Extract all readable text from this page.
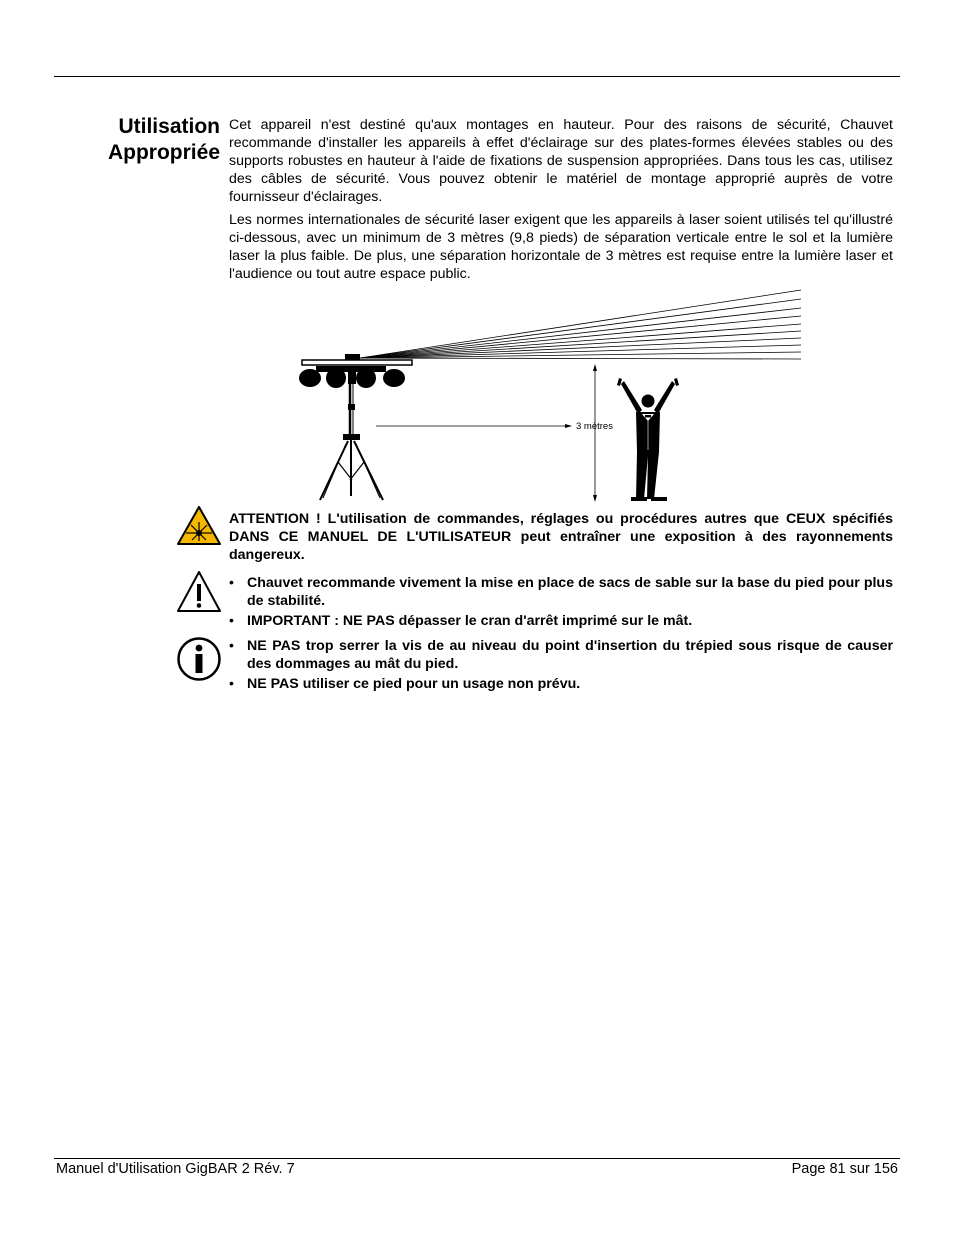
Utilisation
Appropriée

Cet appareil n'est destiné qu'aux montages en hauteur. Pour des raisons de sécurité, Chauvet recommande d'installer les appareils à effet d'éclairage sur des plates-formes élevées stables ou des supports robustes en hauteur à l'aide de fixations de suspension appropriées. Dans tous les cas, utilisez des câbles de sécurité. Vous pouvez obtenir le matériel de montage approprié auprès de votre fournisseur d'éclairages.

Les normes internationales de sécurité laser exigent que les appareils à laser soient utilisés tel qu'illustré ci-dessous, avec un minimum de 3 mètres (9,8 pieds) de séparation verticale entre le sol et la lumière laser la plus faible. De plus, une séparation horizontale de 3 mètres est requise entre la lumière laser et l'audience ou tout autre espace public.

3 mètres

ATTENTION ! L'utilisation de commandes, réglages ou procédures autres que CEUX spécifiés DANS CE MANUEL DE L'UTILISATEUR peut entraîner une exposition à des rayonnements dangereux.

• Chauvet recommande vivement la mise en place de sacs de sable sur la base du pied pour plus de stabilité.
• IMPORTANT : NE PAS dépasser le cran d'arrêt imprimé sur le mât.
• NE PAS trop serrer la vis de au niveau du point d'insertion du trépied sous risque de causer des dommages au mât du pied.
• NE PAS utiliser ce pied pour un usage non prévu.
Manuel d'Utilisation GigBAR 2 Rév. 7	Page 81 sur 156
